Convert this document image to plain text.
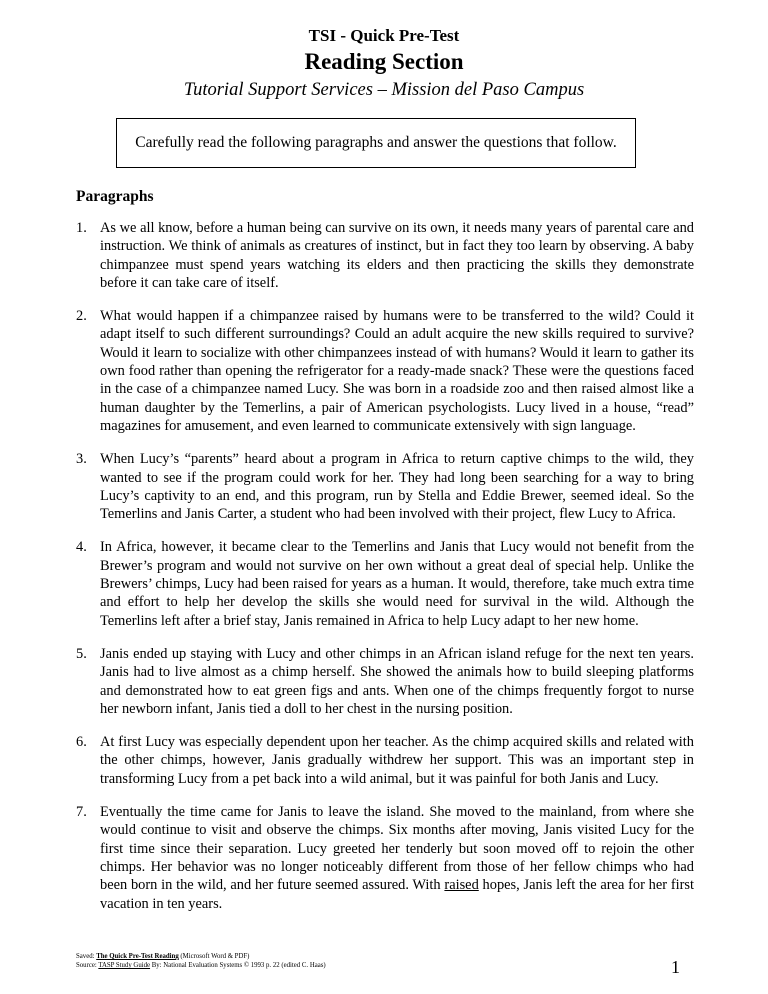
TSI - Quick Pre-Test
Reading Section
Tutorial Support Services – Mission del Paso Campus
Carefully read the following paragraphs and answer the questions that follow.
Paragraphs

1. As we all know, before a human being can survive on its own, it needs many years of parental care and instruction. We think of animals as creatures of instinct, but in fact they too learn by observing. A baby chimpanzee must spend years watching its elders and then practicing the skills they demonstrate before it can take care of itself.

2. What would happen if a chimpanzee raised by humans were to be transferred to the wild? Could it adapt itself to such different surroundings? Could an adult acquire the new skills required to survive? Would it learn to socialize with other chimpanzees instead of with humans? Would it learn to gather its own food rather than opening the refrigerator for a ready-made snack? These were the questions faced in the case of a chimpanzee named Lucy. She was born in a roadside zoo and then raised almost like a human daughter by the Temerlins, a pair of American psychologists. Lucy lived in a house, “read” magazines for amusement, and even learned to communicate extensively with sign language.

3. When Lucy’s “parents” heard about a program in Africa to return captive chimps to the wild, they wanted to see if the program could work for her. They had long been searching for a way to bring Lucy’s captivity to an end, and this program, run by Stella and Eddie Brewer, seemed ideal. So the Temerlins and Janis Carter, a student who had been involved with their project, flew Lucy to Africa.

4. In Africa, however, it became clear to the Temerlins and Janis that Lucy would not benefit from the Brewer’s program and would not survive on her own without a great deal of special help. Unlike the Brewers’ chimps, Lucy had been raised for years as a human. It would, therefore, take much extra time and effort to help her develop the skills she would need for survival in the wild. Although the Temerlins left after a brief stay, Janis remained in Africa to help Lucy adapt to her new home.

5. Janis ended up staying with Lucy and other chimps in an African island refuge for the next ten years. Janis had to live almost as a chimp herself. She showed the animals how to build sleeping platforms and demonstrated how to eat green figs and ants. When one of the chimps frequently forgot to nurse her newborn infant, Janis tied a doll to her chest in the nursing position.

6. At first Lucy was especially dependent upon her teacher. As the chimp acquired skills and related with the other chimps, however, Janis gradually withdrew her support. This was an important step in transforming Lucy from a pet back into a wild animal, but it was painful for both Janis and Lucy.

7. Eventually the time came for Janis to leave the island. She moved to the mainland, from where she would continue to visit and observe the chimps. Six months after moving, Janis visited Lucy for the first time since their separation. Lucy greeted her tenderly but soon moved off to rejoin the other chimps. Her behavior was no longer noticeably different from those of her fellow chimps who had been born in the wild, and her future seemed assured. With raised hopes, Janis left the area for her first vacation in ten years.

Saved: The Quick Pre-Test Reading (Microsoft Word & PDF)
Source: TASP Study Guide By: National Evaluation Systems © 1993 p. 22 (edited C. Haas)	1
